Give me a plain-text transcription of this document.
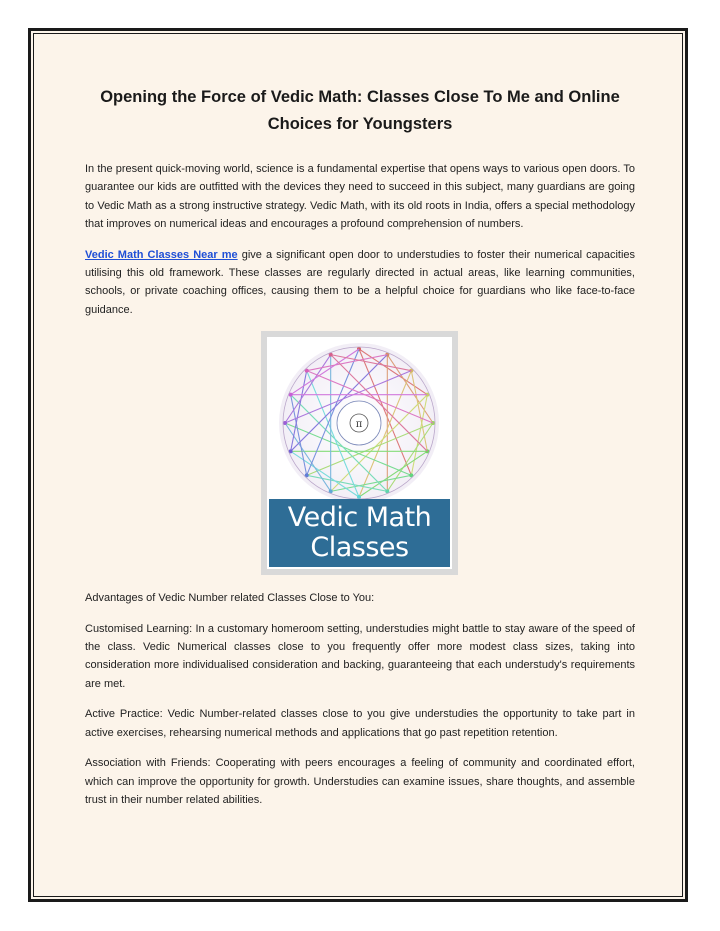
Opening the Force of Vedic Math: Classes Close To Me and Online
Choices for Youngsters

In the present quick-moving world, science is a fundamental expertise that opens ways to various open doors. To guarantee our kids are outfitted with the devices they need to succeed in this subject, many guardians are going to Vedic Math as a strong instructive strategy. Vedic Math, with its old roots in India, offers a special methodology that improves on numerical ideas and encourages a profound comprehension of numbers.

Vedic Math Classes Near me give a significant open door to understudies to foster their numerical capacities utilising this old framework. These classes are regularly directed in actual areas, like learning communities, schools, or private coaching offices, causing them to be a helpful choice for guardians who like face-to-face guidance.

π
Vedic Math
Classes

Advantages of Vedic Number related Classes Close to You:

Customised Learning: In a customary homeroom setting, understudies might battle to stay aware of the speed of the class. Vedic Numerical classes close to you frequently offer more modest class sizes, taking into consideration more individualised consideration and backing, guaranteeing that each understudy's requirements are met.

Active Practice: Vedic Number-related classes close to you give understudies the opportunity to take part in active exercises, rehearsing numerical methods and applications that go past repetition retention.

Association with Friends: Cooperating with peers encourages a feeling of community and coordinated effort, which can improve the opportunity for growth. Understudies can examine issues, share thoughts, and assemble trust in their number related abilities.
